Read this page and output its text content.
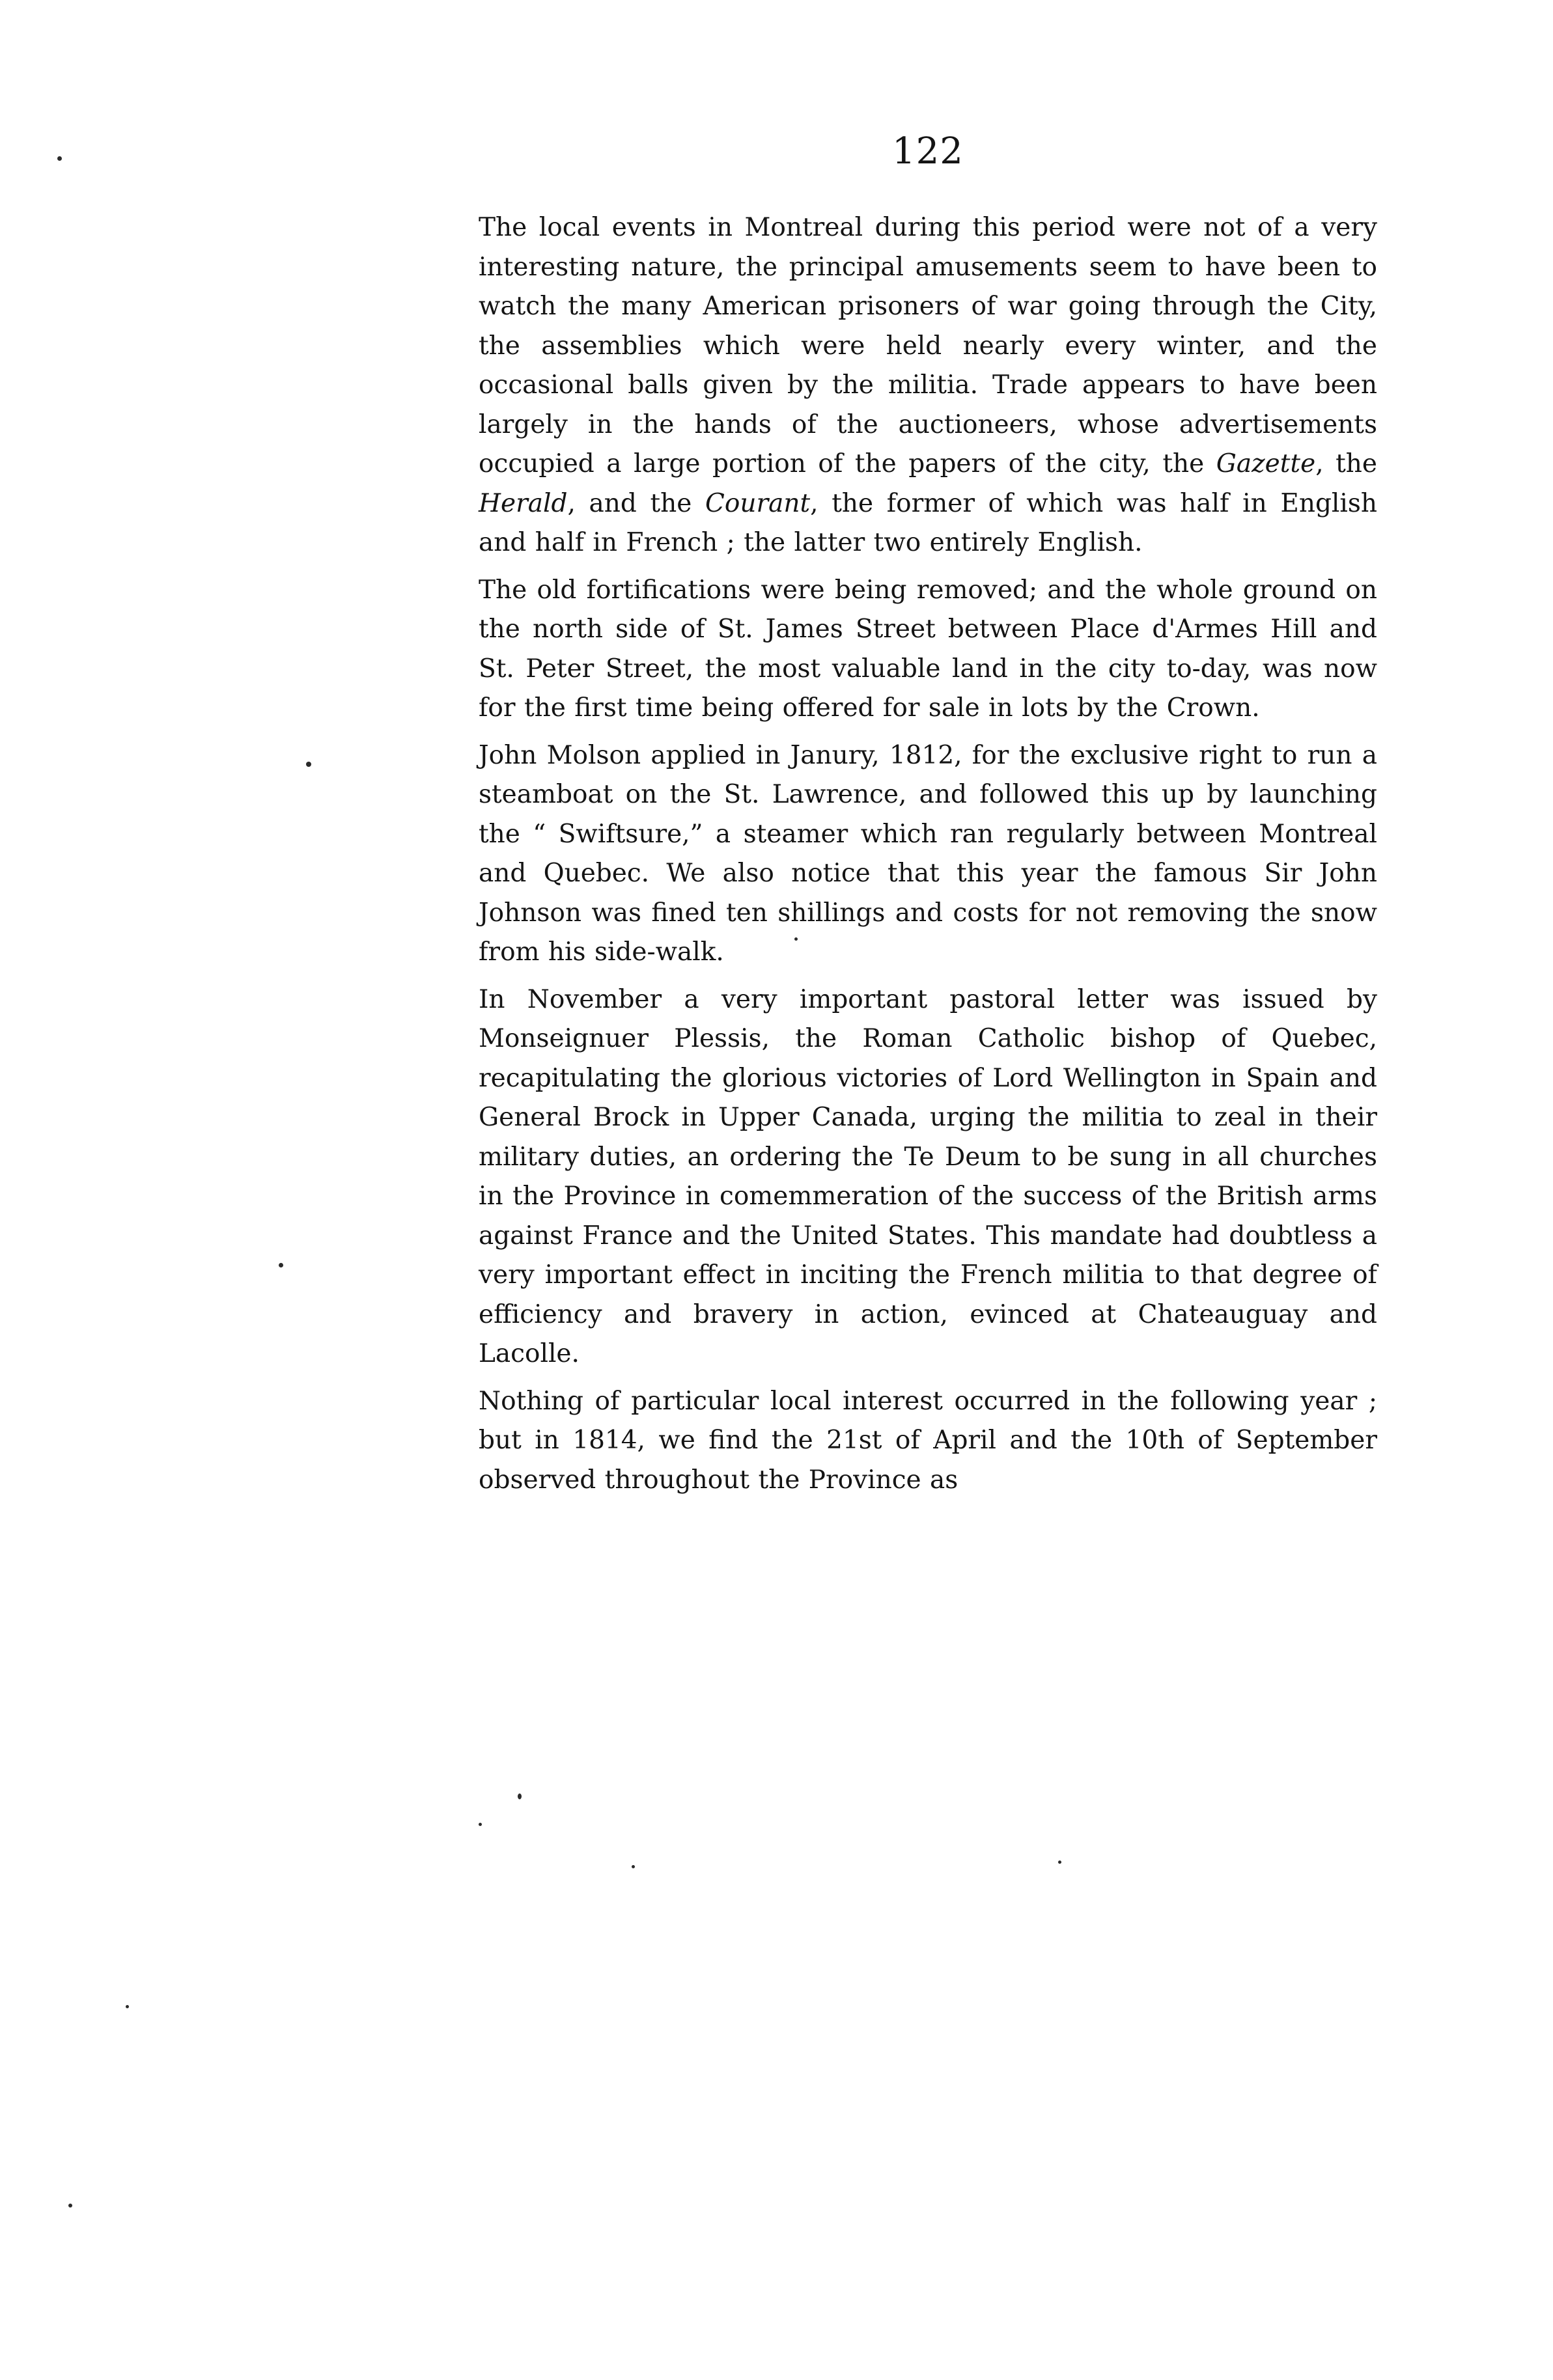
122

The local events in Montreal during this period were not of a very interesting nature, the principal amusements seem to have been to watch the many American prisoners of war going through the City, the assemblies which were held nearly every winter, and the occasional balls given by the militia. Trade appears to have been largely in the hands of the auctioneers, whose advertisements occupied a large portion of the papers of the city, the Gazette, the Herald, and the Courant, the former of which was half in English and half in French ; the latter two entirely English.

The old fortifications were being removed; and the whole ground on the north side of St. James Street between Place d'Armes Hill and St. Peter Street, the most valuable land in the city to-day, was now for the first time being offered for sale in lots by the Crown.

John Molson applied in Janury, 1812, for the exclusive right to run a steamboat on the St. Lawrence, and followed this up by launching the “ Swiftsure,” a steamer which ran regularly between Montreal and Quebec. We also notice that this year the famous Sir John Johnson was fined ten shillings and costs for not removing the snow from his side-walk.

In November a very important pastoral letter was issued by Monseignuer Plessis, the Roman Catholic bishop of Quebec, recapitulating the glorious victories of Lord Wellington in Spain and General Brock in Upper Canada, urging the militia to zeal in their military duties, an ordering the Te Deum to be sung in all churches in the Province in comemmeration of the success of the British arms against France and the United States. This mandate had doubtless a very important effect in inciting the French militia to that degree of efficiency and bravery in action, evinced at Chateauguay and Lacolle.

Nothing of particular local interest occurred in the following year ; but in 1814, we find the 21st of April and the 10th of September observed throughout the Province as
